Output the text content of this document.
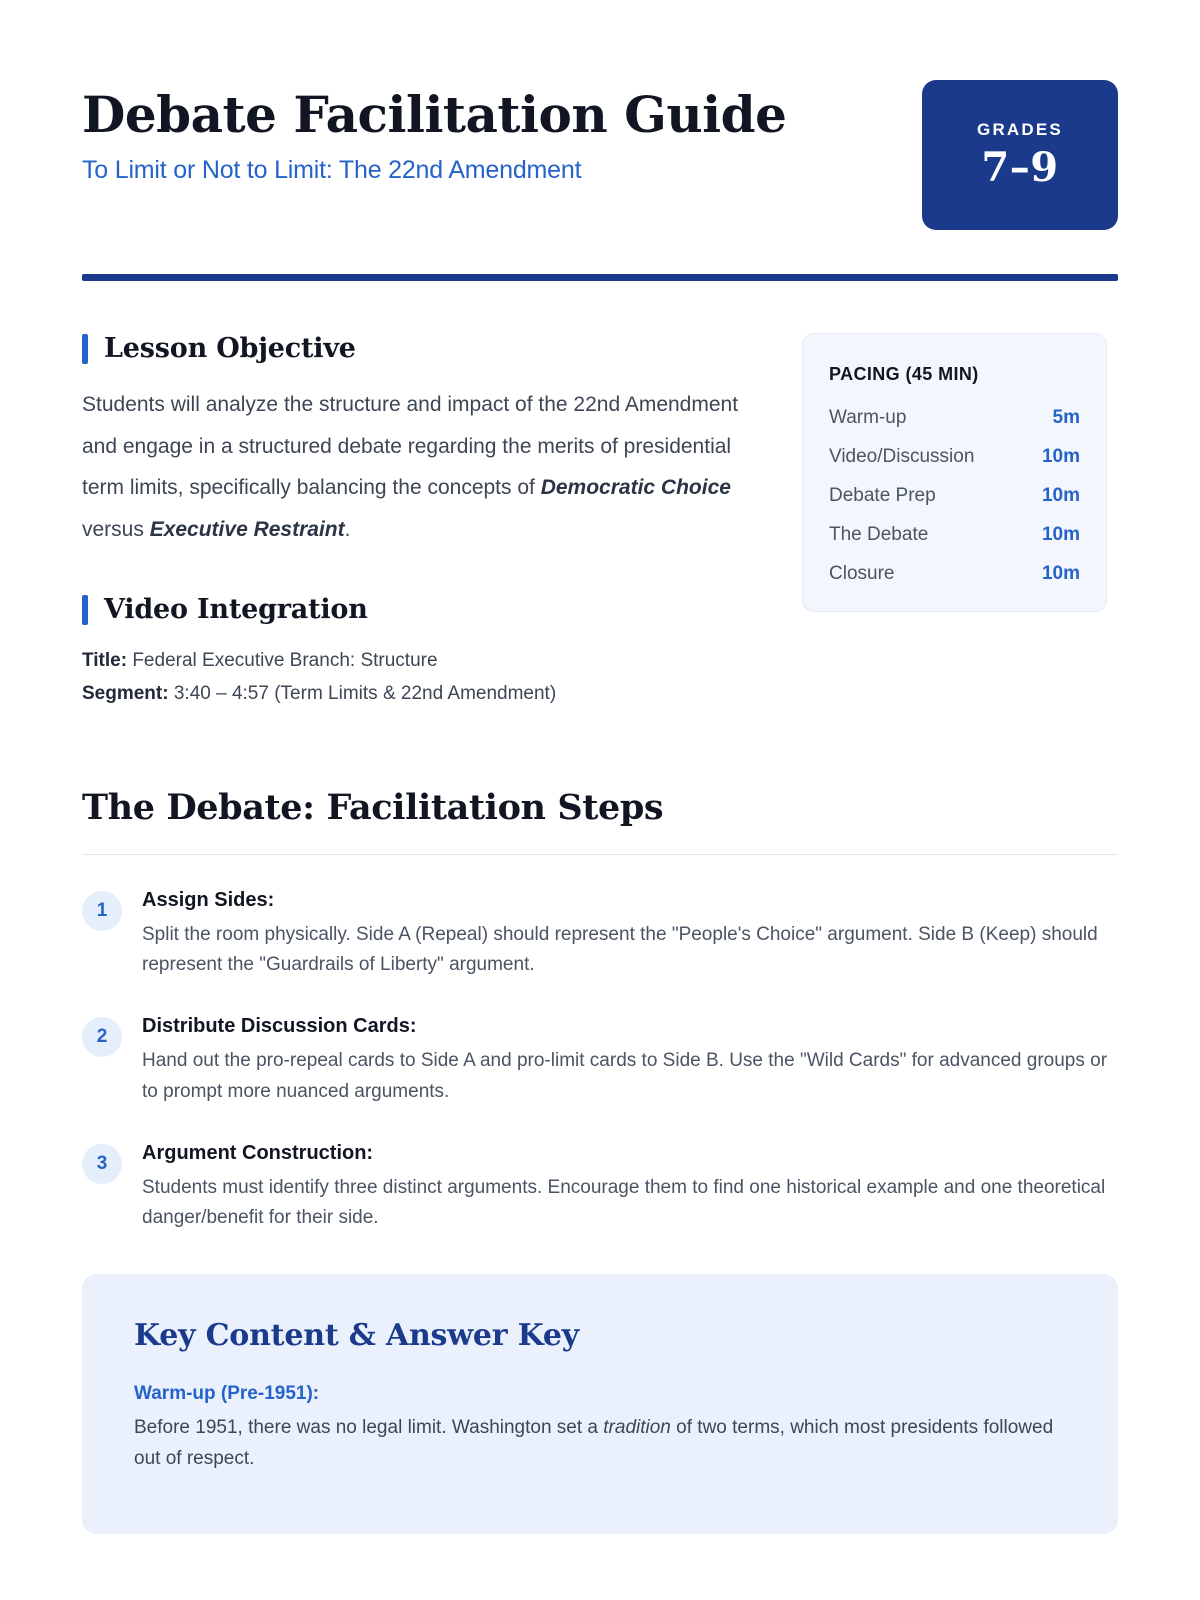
Debate Facilitation Guide

To Limit or Not to Limit: The 22nd Amendment

GRADES
7–9
Lesson Objective

Students will analyze the structure and impact of the 22nd Amendment and engage in a structured debate regarding the merits of presidential term limits, specifically balancing the concepts of Democratic Choice versus Executive Restraint.

Video Integration

Title: Federal Executive Branch: Structure

Segment: 3:40 – 4:57 (Term Limits & 22nd Amendment)

PACING (45 MIN)

Warm-up	5m
Video/Discussion	10m
Debate Prep	10m
The Debate	10m
Closure	10m
The Debate: Facilitation Steps
1	Assign Sides:

Split the room physically. Side A (Repeal) should represent the "People's Choice" argument. Side B (Keep) should represent the "Guardrails of Liberty" argument.

2	Distribute Discussion Cards:

Hand out the pro-repeal cards to Side A and pro-limit cards to Side B. Use the "Wild Cards" for advanced groups or to prompt more nuanced arguments.

3	Argument Construction:

Students must identify three distinct arguments. Encourage them to find one historical example and one theoretical danger/benefit for their side.

Key Content & Answer Key

Warm-up (Pre-1951):

Before 1951, there was no legal limit. Washington set a tradition of two terms, which most presidents followed out of respect.
